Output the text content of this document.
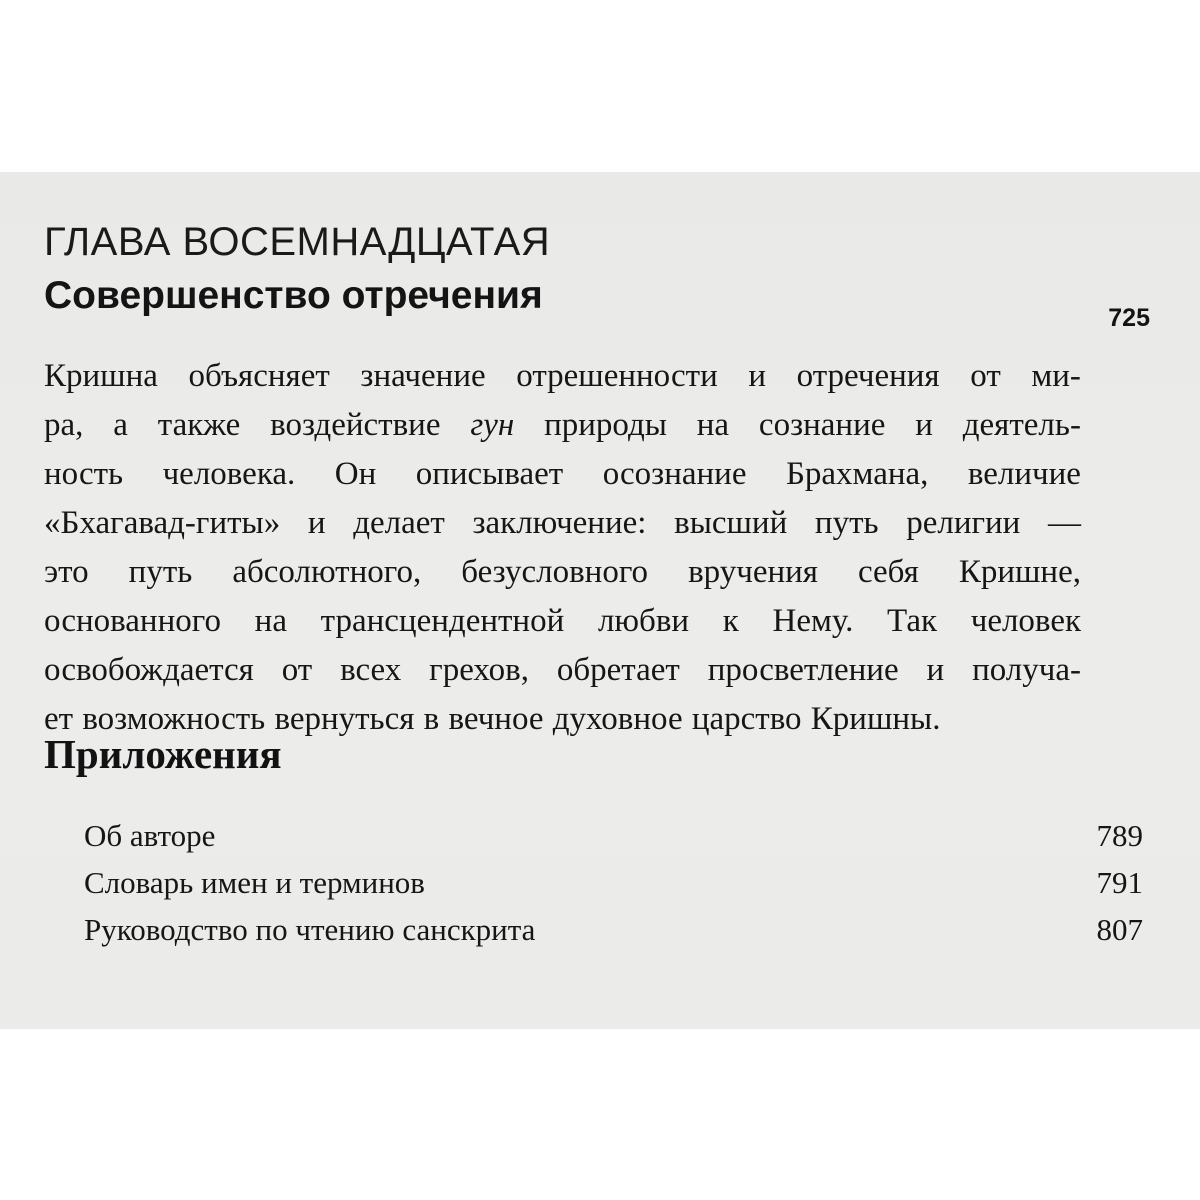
ГЛАВА ВОСЕМНАДЦАТАЯ
Совершенство отречения
725
Кришна объясняет значение отрешенности и отречения от ми-
ра, а также воздействие гун природы на сознание и деятель-
ность человека. Он описывает осознание Брахмана, величие
«Бхагавад-гиты» и делает заключение: высший путь религии —
это путь абсолютного, безусловного вручения себя Кришне,
основанного на трансцендентной любви к Нему. Так человек
освобождается от всех грехов, обретает просветление и получа-
ет возможность вернуться в вечное духовное царство Кришны.
Приложения
Об авторе	789
Словарь имен и терминов	791
Руководство по чтению санскрита	807
